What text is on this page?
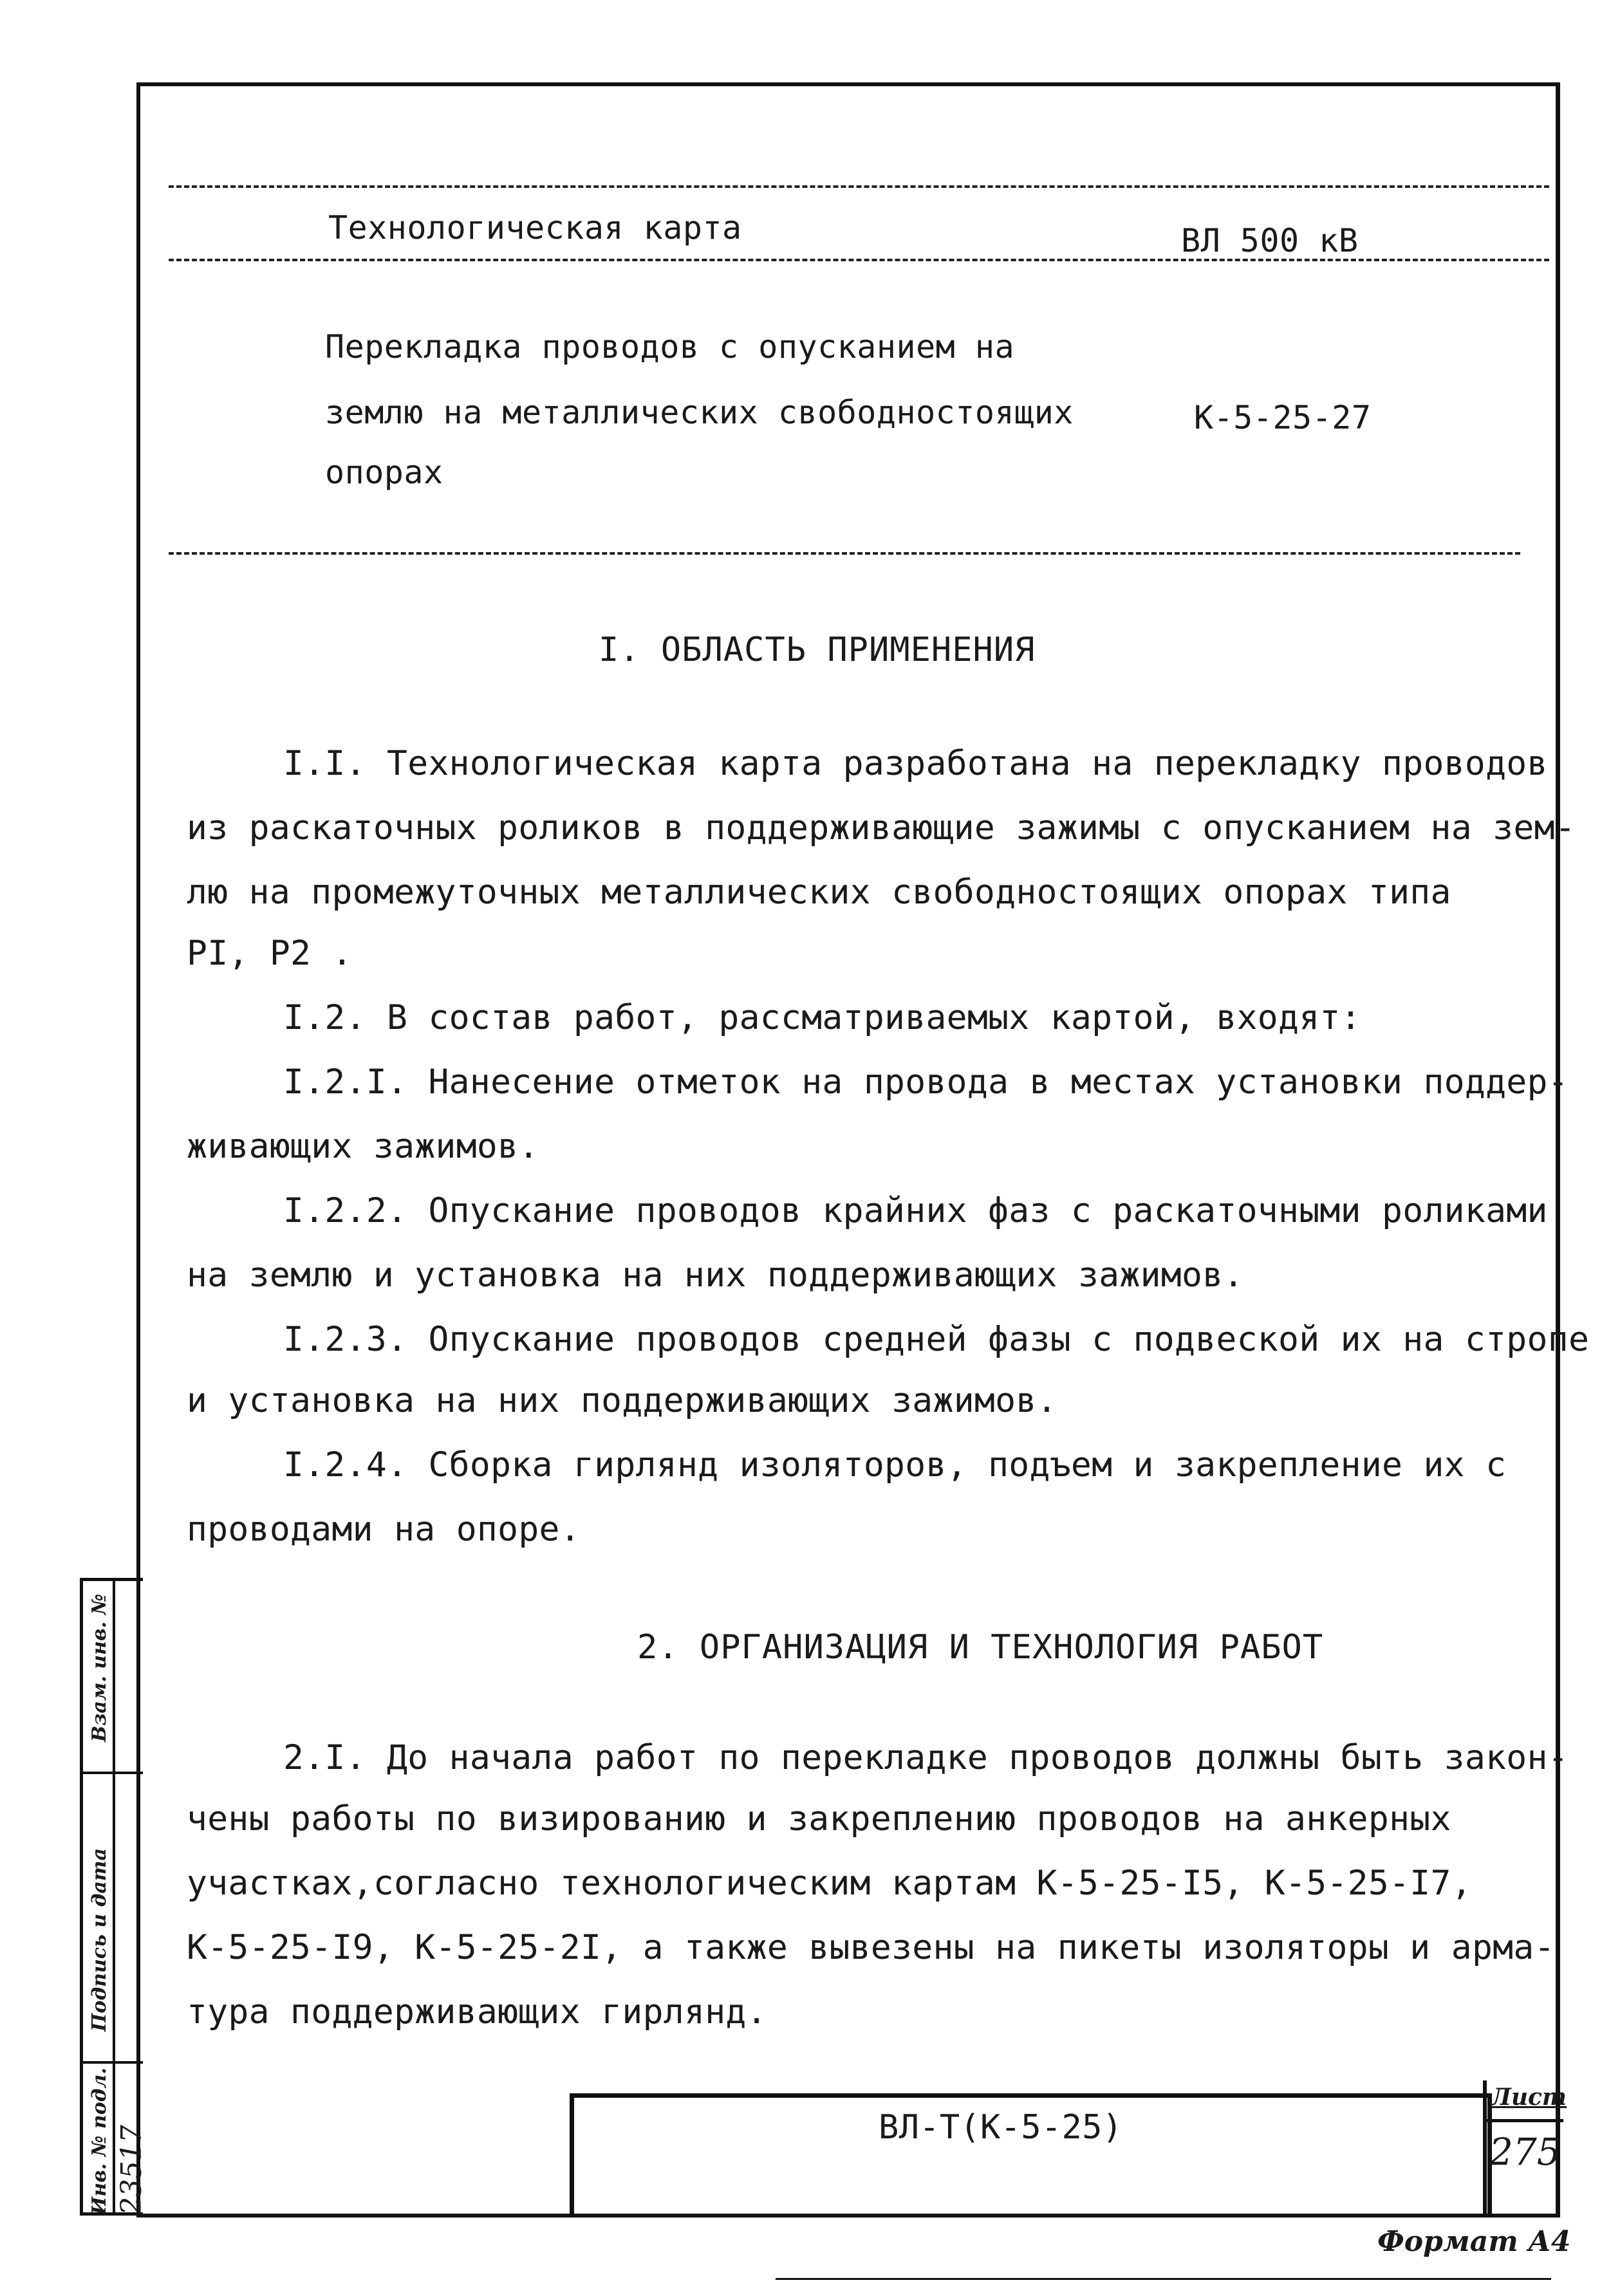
Технологическая карта	ВЛ 500 кВ
Перекладка проводов с опусканием на
землю на металлических свободностоящих
опорах
К-5-25-27
I. ОБЛАСТЬ ПРИМЕНЕНИЯ
I.I. Технологическая карта разработана на перекладку проводов
из раскаточных роликов в поддерживающие зажимы с опусканием на зем-
лю на промежуточных металлических свободностоящих опорах типа
PI, P2 .
I.2. В состав работ, рассматриваемых картой, входят:
I.2.I. Нанесение отметок на провода в местах установки поддер-
живающих зажимов.
I.2.2. Опускание проводов крайних фаз с раскаточными роликами
на землю и установка на них поддерживающих зажимов.
I.2.3. Опускание проводов средней фазы с подвеской их на стропе
и установка на них поддерживающих зажимов.
I.2.4. Сборка гирлянд изоляторов, подъем и закрепление их с
проводами на опоре.
2. ОРГАНИЗАЦИЯ И ТЕХНОЛОГИЯ РАБОТ
2.I. До начала работ по перекладке проводов должны быть закон-
чены работы по визированию и закреплению проводов на анкерных
участках,согласно технологическим картам К-5-25-I5, К-5-25-I7,
К-5-25-I9, К-5-25-2I, а также вывезены на пикеты изоляторы и арма-
тура поддерживающих гирлянд.
Взам. инв. №
Подпись и дата
Инв. № подл. 23517	ВЛ-Т(К-5-25)
Лист
275
Формат А4
